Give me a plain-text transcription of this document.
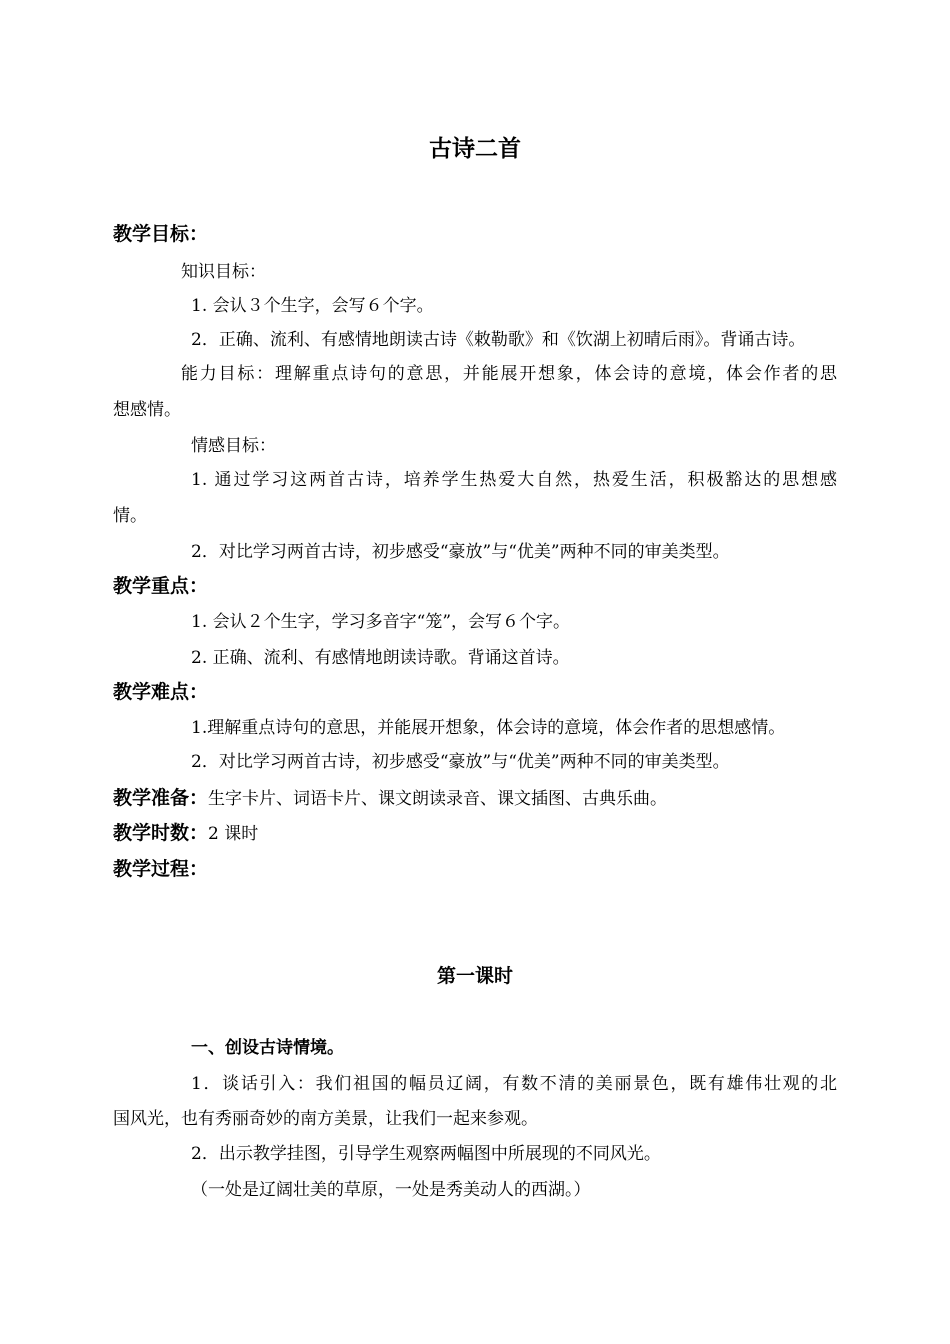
古诗二首
教学目标：
知识目标：
1. 会认３个生字，会写６个字。
2．正确、流利、有感情地朗读古诗《敕勒歌》和《饮湖上初晴后雨》。背诵古诗。
能力目标：理解重点诗句的意思，并能展开想象，体会诗的意境，体会作者的思
想感情。
情感目标：
1. 通过学习这两首古诗，培养学生热爱大自然，热爱生活，积极豁达的思想感
情。
2．对比学习两首古诗，初步感受“豪放”与“优美”两种不同的审美类型。
教学重点：
1. 会认２个生字，学习多音字“笼”，会写６个字。
2. 正确、流利、有感情地朗读诗歌。背诵这首诗。
教学难点：
1.理解重点诗句的意思，并能展开想象，体会诗的意境，体会作者的思想感情。
2．对比学习两首古诗，初步感受“豪放”与“优美”两种不同的审美类型。
教学准备：生字卡片、词语卡片、课文朗读录音、课文插图、古典乐曲。
教学时数：2 课时
教学过程：
第一课时
一、创设古诗情境。
1．谈话引入：我们祖国的幅员辽阔，有数不清的美丽景色，既有雄伟壮观的北
国风光，也有秀丽奇妙的南方美景，让我们一起来参观。
2．出示教学挂图，引导学生观察两幅图中所展现的不同风光。
（一处是辽阔壮美的草原，一处是秀美动人的西湖。）
